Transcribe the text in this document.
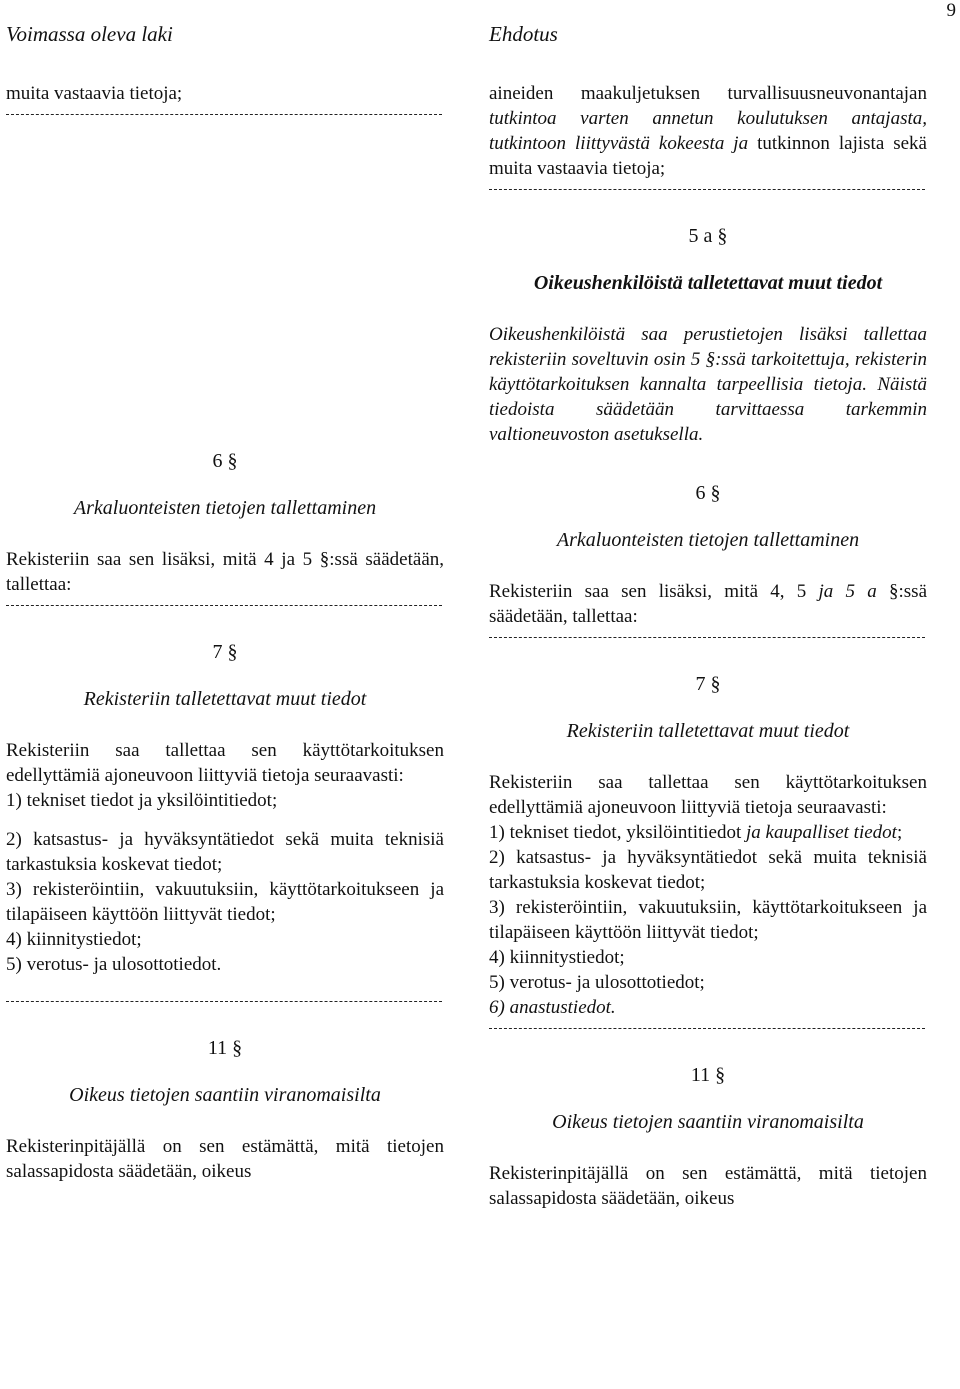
9
Voimassa oleva laki

muita vastaavia tietoja;

6 §
Arkaluonteisten tietojen tallettaminen

Rekisteriin saa sen lisäksi, mitä 4 ja 5 §:ssä säädetään, tallettaa:

7 §
Rekisteriin talletettavat muut tiedot

Rekisteriin saa tallettaa sen käyttötarkoituksen edellyttämiä ajoneuvoon liittyviä tietoja seuraavasti:

1) tekniset tiedot ja yksilöintitiedot;

2) katsastus- ja hyväksyntätiedot sekä muita teknisiä tarkastuksia koskevat tiedot;

3) rekisteröintiin, vakuutuksiin, käyttötarkoitukseen ja tilapäiseen käyttöön liittyvät tiedot;

4) kiinnitystiedot;

5) verotus- ja ulosottotiedot.

11 §
Oikeus tietojen saantiin viranomaisilta

Rekisterinpitäjällä on sen estämättä, mitä tietojen salassapidosta säädetään, oikeus

Ehdotus

aineiden maakuljetuksen turvallisuusneuvonantajan tutkintoa varten annetun koulutuksen antajasta, tutkintoon liittyvästä kokeesta ja tutkinnon lajista sekä muita vastaavia tietoja;

5 a §
Oikeushenkilöistä talletettavat muut tiedot

Oikeushenkilöistä saa perustietojen lisäksi tallettaa rekisteriin soveltuvin osin 5 §:ssä tarkoitettuja, rekisterin käyttötarkoituksen kannalta tarpeellisia tietoja. Näistä tiedoista säädetään tarvittaessa tarkemmin valtioneuvoston asetuksella.

6 §
Arkaluonteisten tietojen tallettaminen

Rekisteriin saa sen lisäksi, mitä 4, 5 ja 5 a §:ssä säädetään, tallettaa:

7 §
Rekisteriin talletettavat muut tiedot

Rekisteriin saa tallettaa sen käyttötarkoituksen edellyttämiä ajoneuvoon liittyviä tietoja seuraavasti:

1) tekniset tiedot, yksilöintitiedot ja kaupalliset tiedot;

2) katsastus- ja hyväksyntätiedot sekä muita teknisiä tarkastuksia koskevat tiedot;

3) rekisteröintiin, vakuutuksiin, käyttötarkoitukseen ja tilapäiseen käyttöön liittyvät tiedot;

4) kiinnitystiedot;

5) verotus- ja ulosottotiedot;

6) anastustiedot.

11 §
Oikeus tietojen saantiin viranomaisilta

Rekisterinpitäjällä on sen estämättä, mitä tietojen salassapidosta säädetään, oikeus
